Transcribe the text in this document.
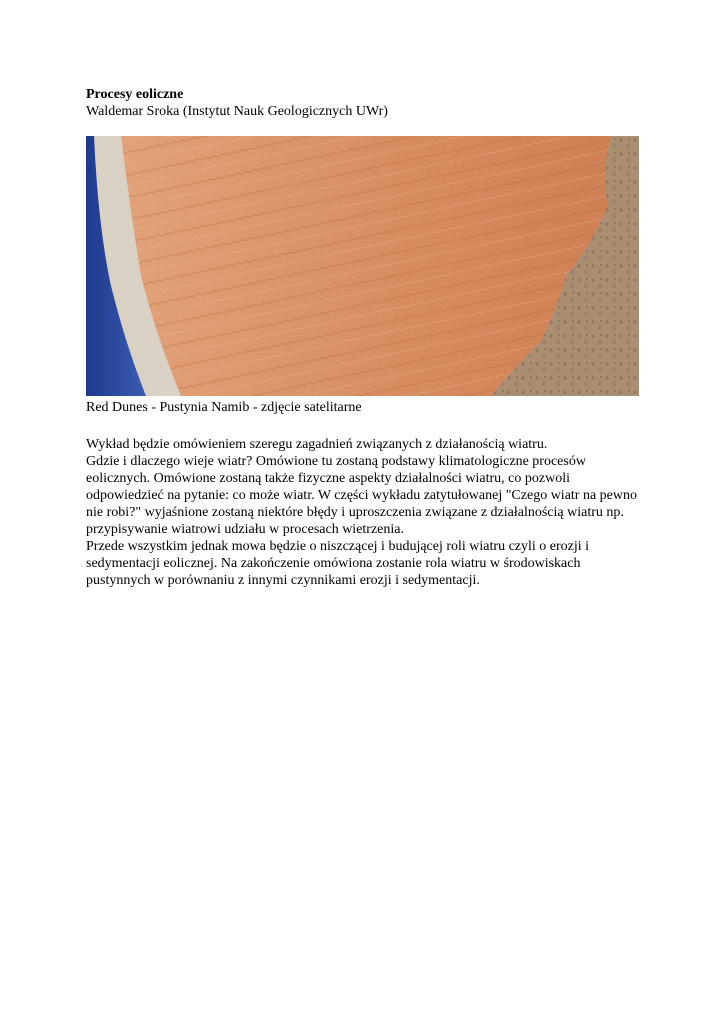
Procesy eoliczne

Waldemar Sroka (Instytut Nauk Geologicznych UWr)

Red Dunes - Pustynia Namib - zdjęcie satelitarne

Wykład będzie omówieniem szeregu zagadnień związanych z działanością wiatru.

Gdzie i dlaczego wieje wiatr? Omówione tu zostaną podstawy klimatologiczne procesów eolicznych. Omówione zostaną także fizyczne aspekty działalności wiatru, co pozwoli odpowiedzieć na pytanie: co może wiatr. W części wykładu zatytułowanej "Czego wiatr na pewno nie robi?" wyjaśnione zostaną niektóre błędy i uproszczenia związane z działalnością wiatru np. przypisywanie wiatrowi udziału w procesach wietrzenia.

Przede wszystkim jednak mowa będzie o niszczącej i budującej roli wiatru czyli o erozji i sedymentacji eolicznej. Na zakończenie omówiona zostanie rola wiatru w środowiskach pustynnych w porównaniu z innymi czynnikami erozji i sedymentacji.
